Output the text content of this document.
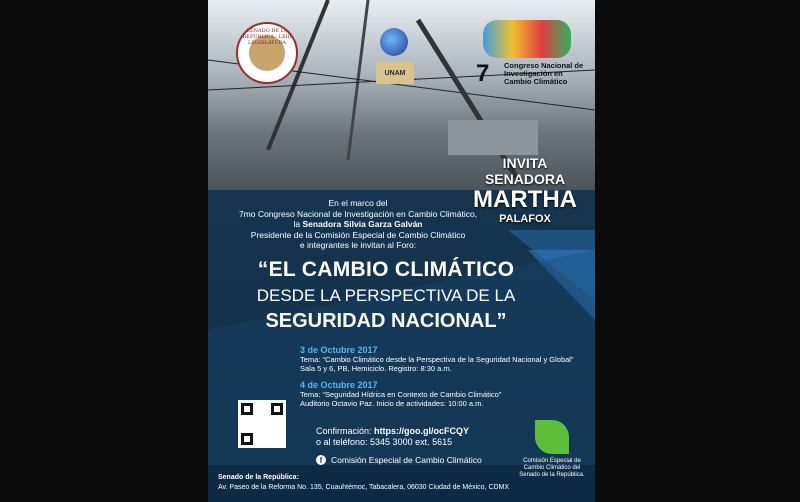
SENADO DE LA REPÚBLICA · LXIII LEGISLATURA
UNAM	7 Congreso Nacional de Investigación en Cambio Climático
INVITA
SENADORA
MARTHA
PALAFOX
En el marco del
7mo Congreso Nacional de Investigación en Cambio Climático,
la Senadora Silvia Garza Galván
Presidente de la Comisión Especial de Cambio Climático
e integrantes le invitan al Foro:
“EL CAMBIO CLIMÁTICO
DESDE LA PERSPECTIVA DE LA
SEGURIDAD NACIONAL”
3 de Octubre 2017
Tema: “Cambio Climático desde la Perspectiva de la Seguridad Nacional y Global”
Sala 5 y 6, PB, Hemiciclo. Registro: 8:30 a.m.
4 de Octubre 2017
Tema: “Seguridad Hídrica en Contexto de Cambio Climático”
Auditorio Octavio Paz. Inicio de actividades: 10:00 a.m.
Confirmación: https://goo.gl/ocFCQY
o al teléfono: 5345 3000 ext. 5615
f	Comisión Especial de Cambio Climático
Senado de la República:
Av. Paseo de la Reforma No. 135, Cuauhtémoc, Tabacalera, 06030 Ciudad de México, CDMX
Comisión Especial de
Cambio Climático del
Senado de la República.
